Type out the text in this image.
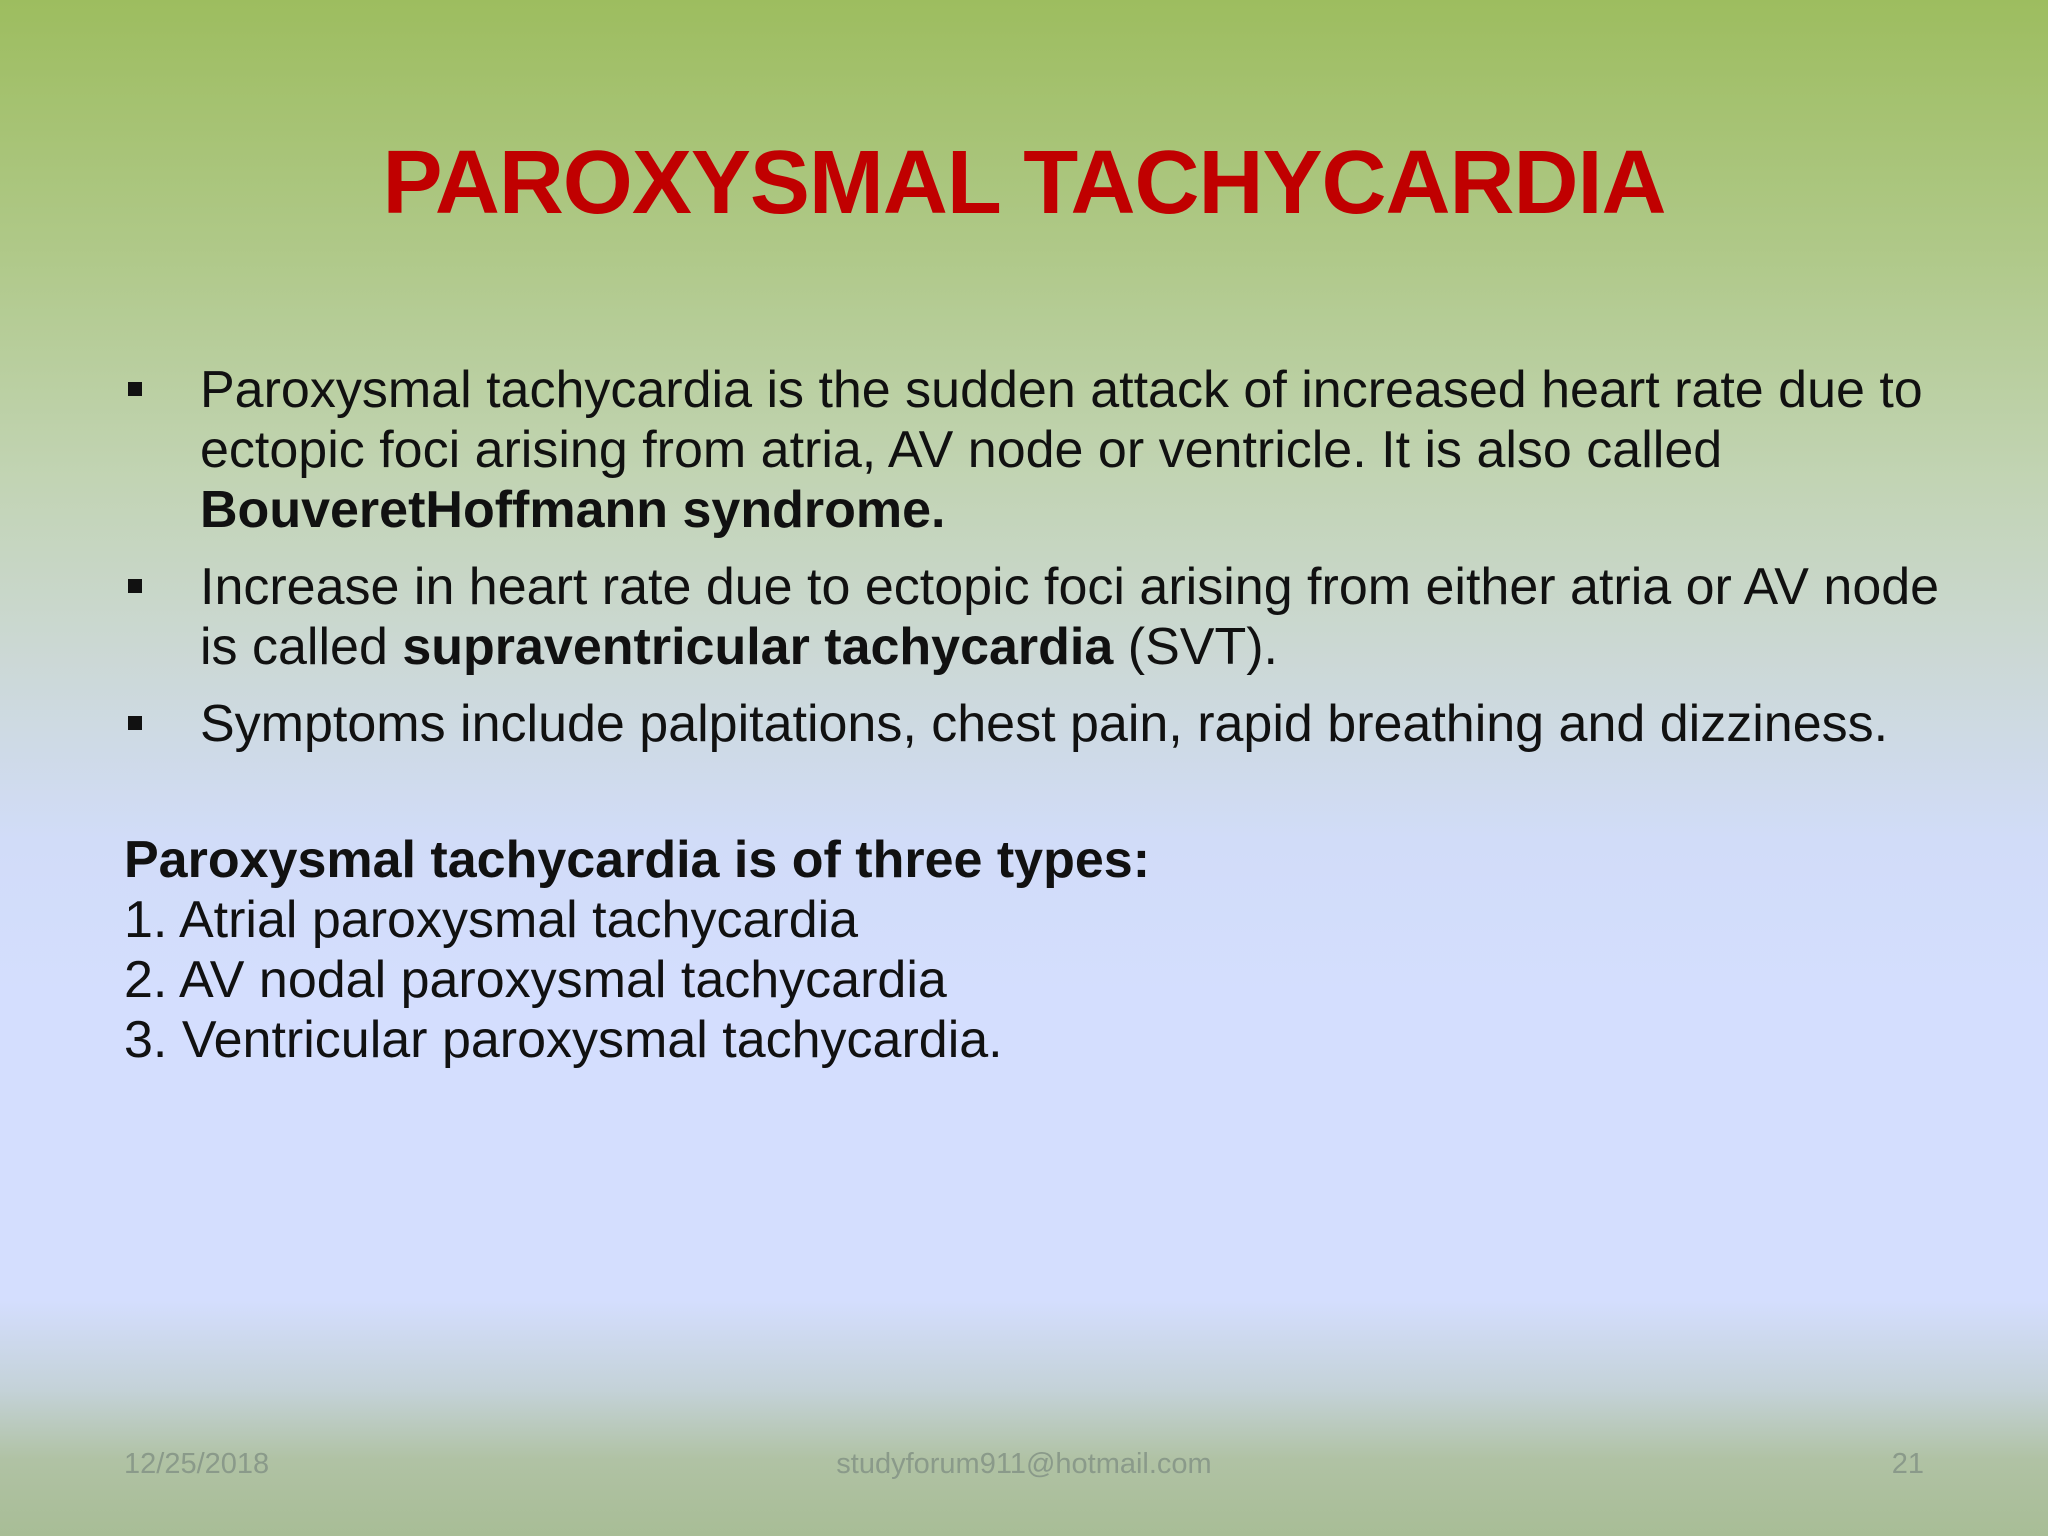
PAROXYSMAL TACHYCARDIA
Paroxysmal tachycardia is the sudden attack of increased heart rate due to ectopic foci arising from atria, AV node or ventricle. It is also called BouveretHoffmann syndrome.
Increase in heart rate due to ectopic foci arising from either atria or AV node is called supraventricular tachycardia (SVT).
Symptoms include palpitations, chest pain, rapid breathing and dizziness.
Paroxysmal tachycardia is of three types:
1. Atrial paroxysmal tachycardia
2. AV nodal paroxysmal tachycardia
3. Ventricular paroxysmal tachycardia.
12/25/2018	studyforum911@hotmail.com	21
